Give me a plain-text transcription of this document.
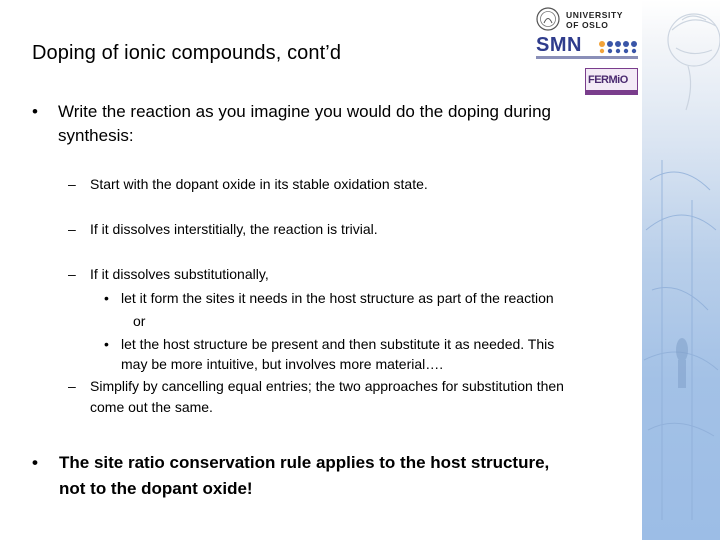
UNIVERSITY
OF OSLO
SMN
FERMiO
Doping of ionic compounds, cont’d
• Write the reaction as you imagine you would do the doping during
synthesis:
– Start with the dopant oxide in its stable oxidation state.
– If it dissolves interstitially, the reaction is trivial.
– If it dissolves substitutionally,
• let it form the sites it needs in the host structure as part of the reaction
or
• let the host structure be present and then substitute it as needed. This
may be more intuitive, but involves more material….
– Simplify by cancelling equal entries; the two approaches for substitution then
come out the same.
• The site ratio conservation rule applies to the host structure,
not to the dopant oxide!
